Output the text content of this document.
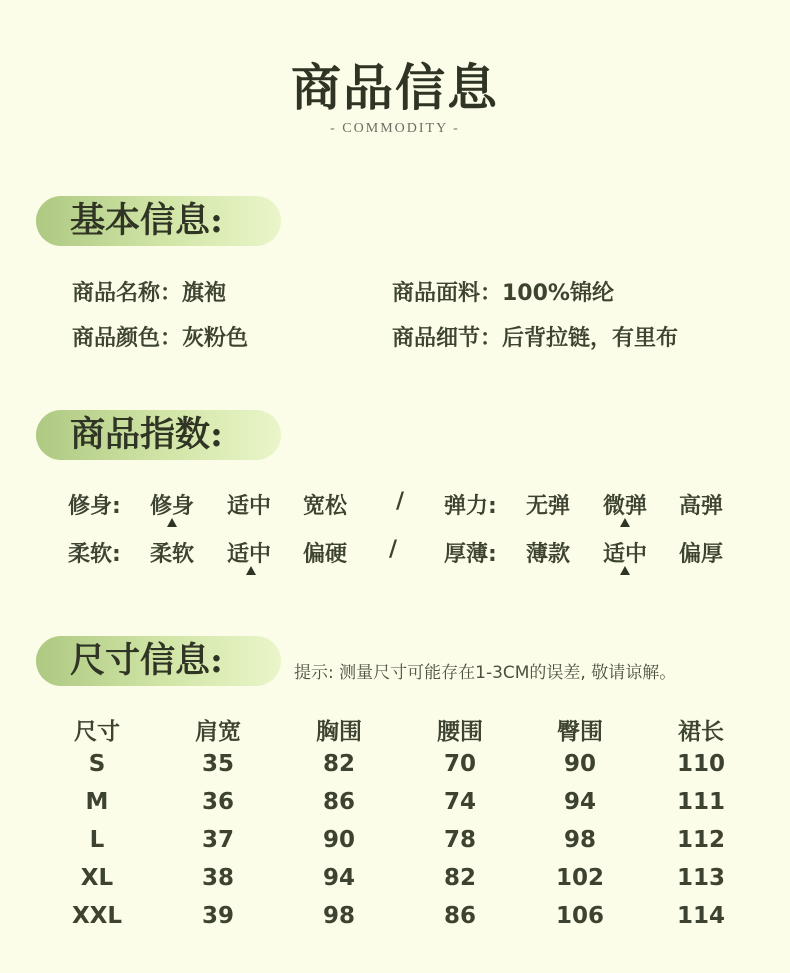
商品信息
- COMMODITY -
基本信息:
商品名称：旗袍	商品面料：100%锦纶
商品颜色：灰粉色	商品细节：后背拉链，有里布
商品指数:
修身: 修身 适中 宽松 / 弹力: 无弹 微弹 高弹
柔软: 柔软 适中 偏硬 / 厚薄: 薄款 适中 偏厚
尺寸信息:	提示: 测量尺寸可能存在1-3CM的误差, 敬请谅解。
尺寸	肩宽	胸围	腰围	臀围	裙长
S	35	82	70	90	110
M	36	86	74	94	111
L	37	90	78	98	112
XL	38	94	82	102	113
XXL	39	98	86	106	114
